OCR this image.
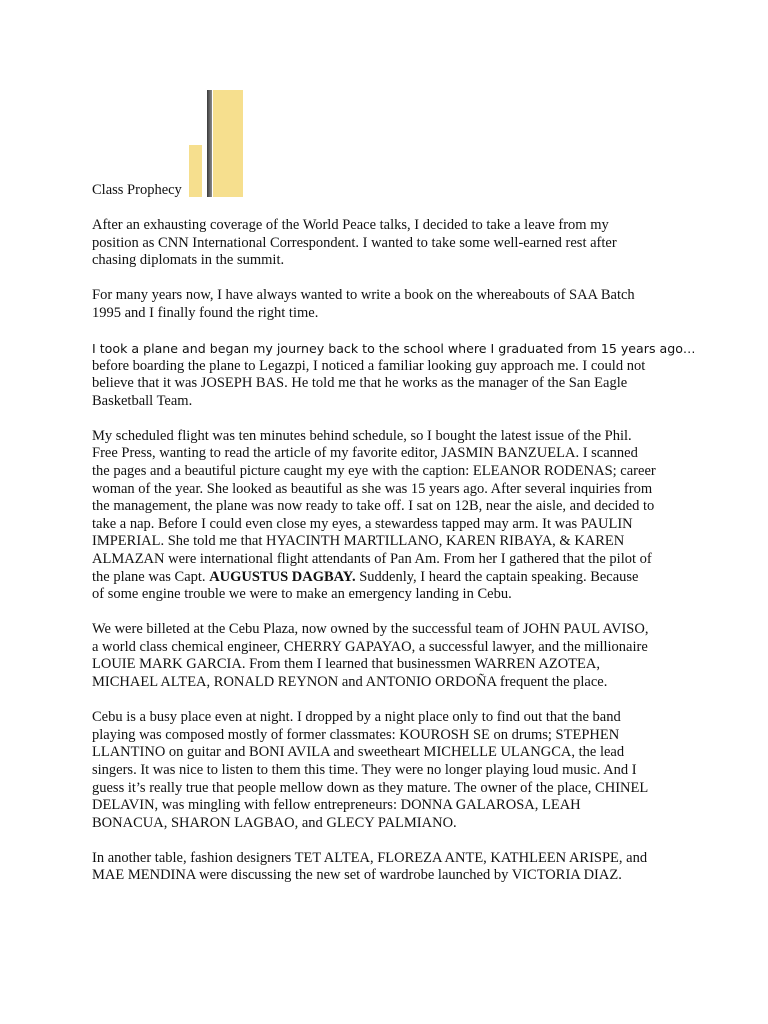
Class Prophecy

After an exhausting coverage of the World Peace talks, I decided to take a leave from my
position as CNN International Correspondent. I wanted to take some well-earned rest after
chasing diplomats in the summit.

For many years now, I have always wanted to write a book on the whereabouts of SAA Batch
1995 and I finally found the right time.

I took a plane and began my journey back to the school where I graduated from 15 years ago…
before boarding the plane to Legazpi, I noticed a familiar looking guy approach me. I could not
believe that it was JOSEPH BAS. He told me that he works as the manager of the San Eagle
Basketball Team.

My scheduled flight was ten minutes behind schedule, so I bought the latest issue of the Phil.
Free Press, wanting to read the article of my favorite editor, JASMIN BANZUELA. I scanned
the pages and a beautiful picture caught my eye with the caption: ELEANOR RODENAS; career
woman of the year. She looked as beautiful as she was 15 years ago. After several inquiries from
the management, the plane was now ready to take off. I sat on 12B, near the aisle, and decided to
take a nap. Before I could even close my eyes, a stewardess tapped may arm. It was PAULIN
IMPERIAL. She told me that HYACINTH MARTILLANO, KAREN RIBAYA, & KAREN
ALMAZAN were international flight attendants of Pan Am. From her I gathered that the pilot of
the plane was Capt. AUGUSTUS DAGBAY. Suddenly, I heard the captain speaking. Because
of some engine trouble we were to make an emergency landing in Cebu.

We were billeted at the Cebu Plaza, now owned by the successful team of JOHN PAUL AVISO,
a world class chemical engineer, CHERRY GAPAYAO, a successful lawyer, and the millionaire
LOUIE MARK GARCIA. From them I learned that businessmen WARREN AZOTEA,
MICHAEL ALTEA, RONALD REYNON and ANTONIO ORDOÑA frequent the place.

Cebu is a busy place even at night. I dropped by a night place only to find out that the band
playing was composed mostly of former classmates: KOUROSH SE on drums; STEPHEN
LLANTINO on guitar and BONI AVILA and sweetheart MICHELLE ULANGCA, the lead
singers. It was nice to listen to them this time. They were no longer playing loud music. And I
guess it’s really true that people mellow down as they mature. The owner of the place, CHINEL
DELAVIN, was mingling with fellow entrepreneurs: DONNA GALAROSA, LEAH
BONACUA, SHARON LAGBAO, and GLECY PALMIANO.

In another table, fashion designers TET ALTEA, FLOREZA ANTE, KATHLEEN ARISPE, and
MAE MENDINA were discussing the new set of wardrobe launched by VICTORIA DIAZ.
